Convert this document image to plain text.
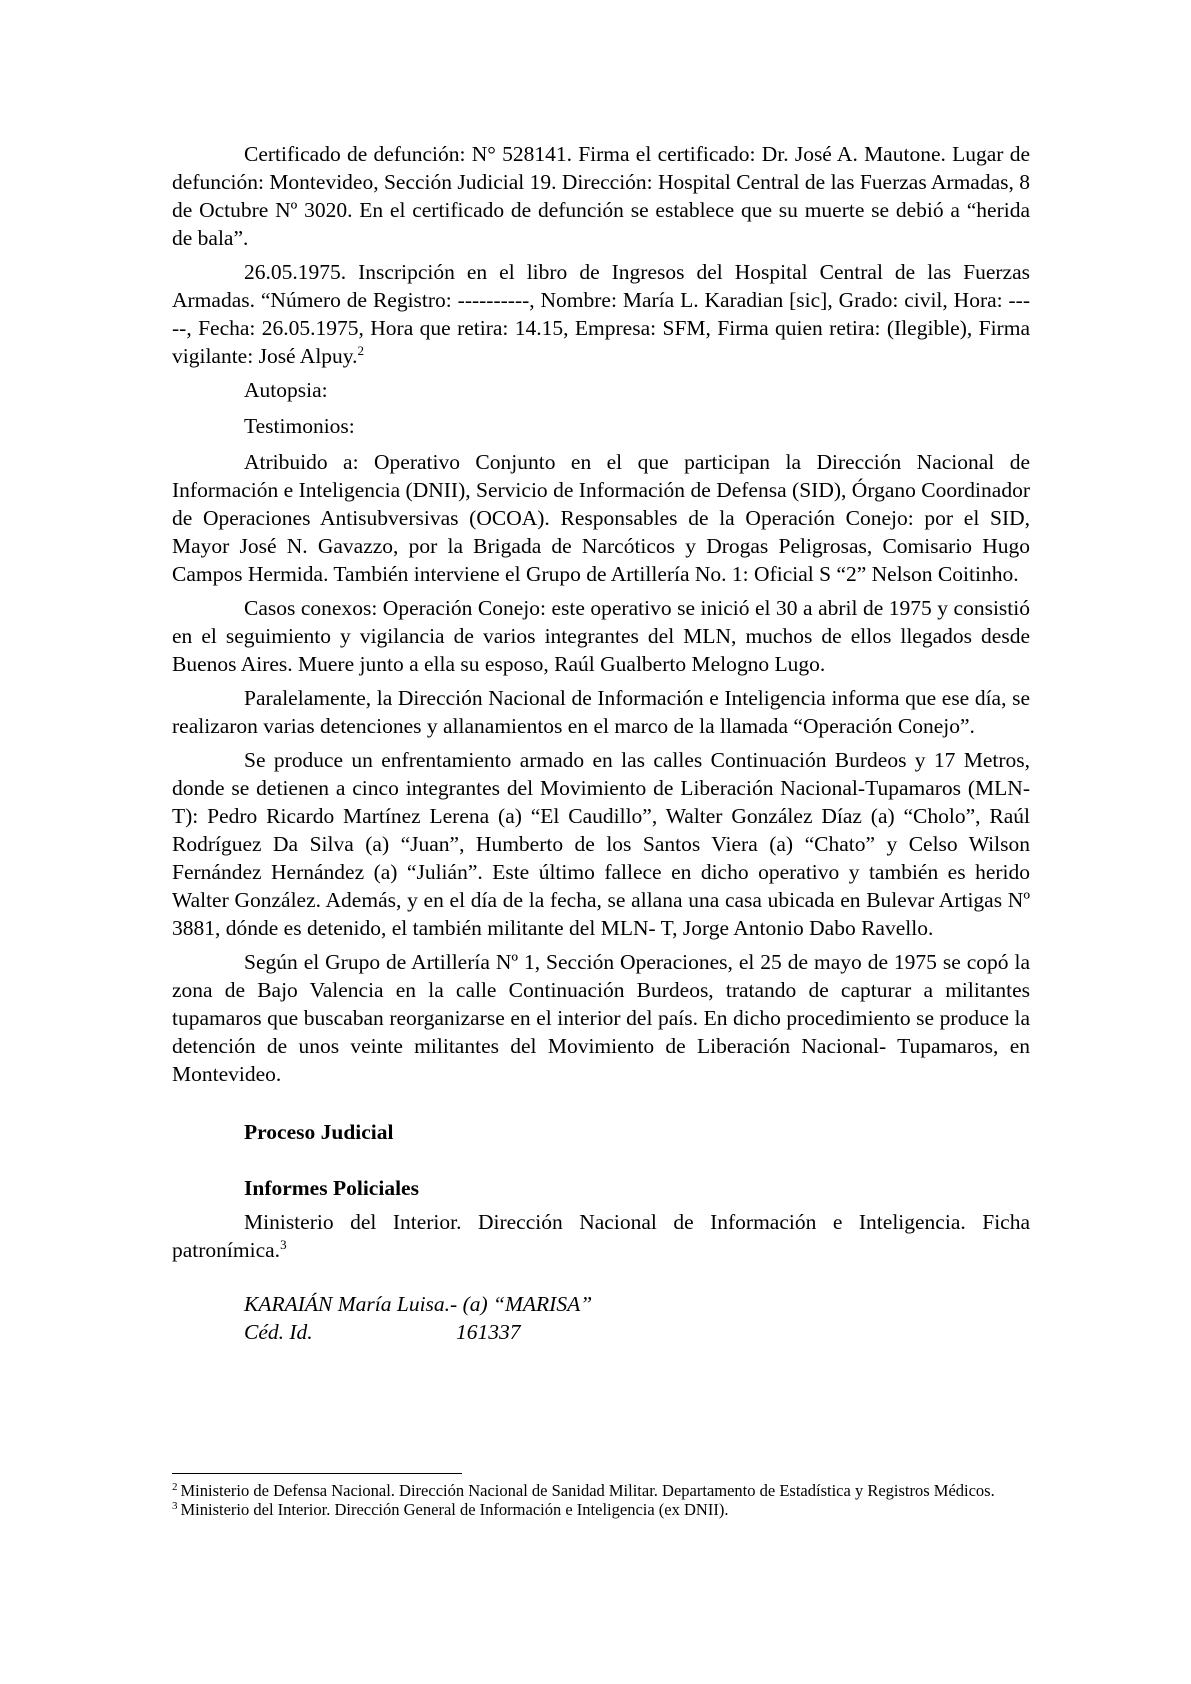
Certificado de defunción: N° 528141. Firma el certificado: Dr. José A. Mautone. Lugar de defunción: Montevideo, Sección Judicial 19. Dirección: Hospital Central de las Fuerzas Armadas, 8 de Octubre Nº 3020. En el certificado de defunción se establece que su muerte se debió a “herida de bala”.

26.05.1975. Inscripción en el libro de Ingresos del Hospital Central de las Fuerzas Armadas. “Número de Registro: ----------, Nombre: María L. Karadian [sic], Grado: civil, Hora: -----, Fecha: 26.05.1975, Hora que retira: 14.15, Empresa: SFM, Firma quien retira: (Ilegible), Firma vigilante: José Alpuy.$^2$

Autopsia:

Testimonios:

Atribuido a: Operativo Conjunto en el que participan la Dirección Nacional de Información e Inteligencia (DNII), Servicio de Información de Defensa (SID), Órgano Coordinador de Operaciones Antisubversivas (OCOA). Responsables de la Operación Conejo: por el SID, Mayor José N. Gavazzo, por la Brigada de Narcóticos y Drogas Peligrosas, Comisario Hugo Campos Hermida. También interviene el Grupo de Artillería No. 1: Oficial S “2” Nelson Coitinho.

Casos conexos: Operación Conejo: este operativo se inició el 30 a abril de 1975 y consistió en el seguimiento y vigilancia de varios integrantes del MLN, muchos de ellos llegados desde Buenos Aires. Muere junto a ella su esposo, Raúl Gualberto Melogno Lugo.

Paralelamente, la Dirección Nacional de Información e Inteligencia informa que ese día, se realizaron varias detenciones y allanamientos en el marco de la llamada “Operación Conejo”.

Se produce un enfrentamiento armado en las calles Continuación Burdeos y 17 Metros, donde se detienen a cinco integrantes del Movimiento de Liberación Nacional-Tupamaros (MLN-T): Pedro Ricardo Martínez Lerena (a) “El Caudillo”, Walter González Díaz (a) “Cholo”, Raúl Rodríguez Da Silva (a) “Juan”, Humberto de los Santos Viera (a) “Chato” y Celso Wilson Fernández Hernández (a) “Julián”. Este último fallece en dicho operativo y también es herido Walter González. Además, y en el día de la fecha, se allana una casa ubicada en Bulevar Artigas Nº 3881, dónde es detenido, el también militante del MLN- T, Jorge Antonio Dabo Ravello.

Según el Grupo de Artillería Nº 1, Sección Operaciones, el 25 de mayo de 1975 se copó la zona de Bajo Valencia en la calle Continuación Burdeos, tratando de capturar a militantes tupamaros que buscaban reorganizarse en el interior del país. En dicho procedimiento se produce la detención de unos veinte militantes del Movimiento de Liberación Nacional- Tupamaros, en Montevideo.

Proceso Judicial
Informes Policiales

Ministerio del Interior. Dirección Nacional de Información e Inteligencia. Ficha patronímica.$^3$

KARAIÁN María Luisa.- (a) “MARISA”
Céd. Id.	161337
$^2$ Ministerio de Defensa Nacional. Dirección Nacional de Sanidad Militar. Departamento de Estadística y Registros Médicos.
$^3$ Ministerio del Interior. Dirección General de Información e Inteligencia (ex DNII).
